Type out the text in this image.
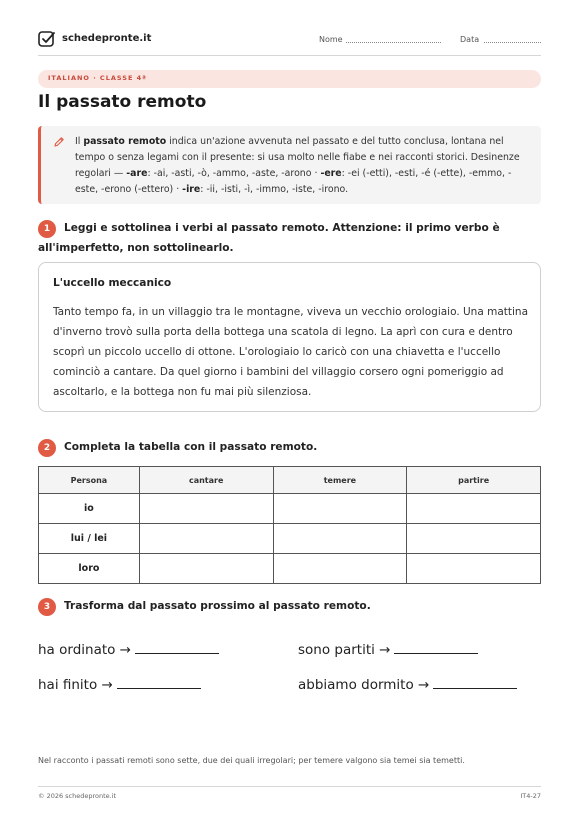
schedepronte.it	Nome	Data
ITALIANO · CLASSE 4ª
Il passato remoto
Il passato remoto indica un'azione avvenuta nel passato e del tutto conclusa, lontana nel tempo o senza legami con il presente: si usa molto nelle fiabe e nei racconti storici. Desinenze regolari — -are: -ai, -asti, -ò, -ammo, -aste, -arono · -ere: -ei (-etti), -esti, -é (-ette), -emmo, -este, -erono (-ettero) · -ire: -ii, -isti, -ì, -immo, -iste, -irono.
1	Leggi e sottolinea i verbi al passato remoto. Attenzione: il primo verbo è all'imperfetto, non sottolinearlo.
L'uccello meccanico
Tanto tempo fa, in un villaggio tra le montagne, viveva un vecchio orologiaio. Una mattina d'inverno trovò sulla porta della bottega una scatola di legno. La aprì con cura e dentro scoprì un piccolo uccello di ottone. L'orologiaio lo caricò con una chiavetta e l'uccello cominciò a cantare. Da quel giorno i bambini del villaggio corsero ogni pomeriggio ad ascoltarlo, e la bottega non fu mai più silenziosa.
2	Completa la tabella con il passato remoto.
Persona	cantare	temere	partire
io			
lui / lei			
loro			
3	Trasforma dal passato prossimo al passato remoto.
ha ordinato →	sono partiti →
hai finito →	abbiamo dormito →
Nel racconto i passati remoti sono sette, due dei quali irregolari; per temere valgono sia temei sia temetti.
© 2026 schedepronte.it	IT4-27
